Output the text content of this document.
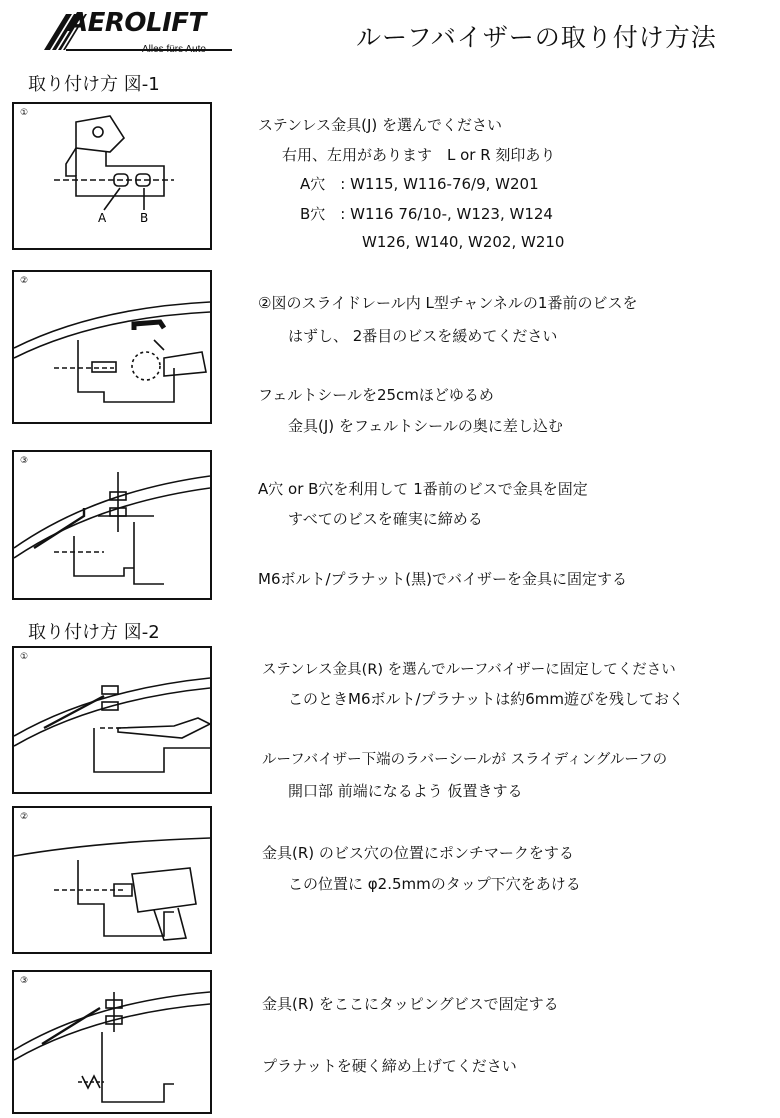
AEROLIFT
Alles fürs Auto	ルーフバイザーの取り付け方法
取り付け方 図-1
①
A	B
②
③
取り付け方 図-2
①
②
③
ステンレス金具(J) を選んでください
右用、左用があります　L or R 刻印あり
A穴　: W115, W116-76/9, W201
B穴　: W116 76/10-, W123, W124
W126, W140, W202, W210
②図のスライドレール内 L型チャンネルの1番前のビスを
はずし、 2番目のビスを緩めてください
フェルトシールを25cmほどゆるめ
金具(J) をフェルトシールの奥に差し込む
A穴 or B穴を利用して 1番前のビスで金具を固定
すべてのビスを確実に締める
M6ボルト/プラナット(黒)でバイザーを金具に固定する
ステンレス金具(R) を選んでルーフバイザーに固定してください
このときM6ボルト/プラナットは約6mm遊びを残しておく
ルーフバイザー下端のラバーシールが スライディングルーフの
開口部 前端になるよう 仮置きする
金具(R) のビス穴の位置にポンチマークをする
この位置に φ2.5mmのタップ下穴をあける
金具(R) をここにタッピングビスで固定する
プラナットを硬く締め上げてください
